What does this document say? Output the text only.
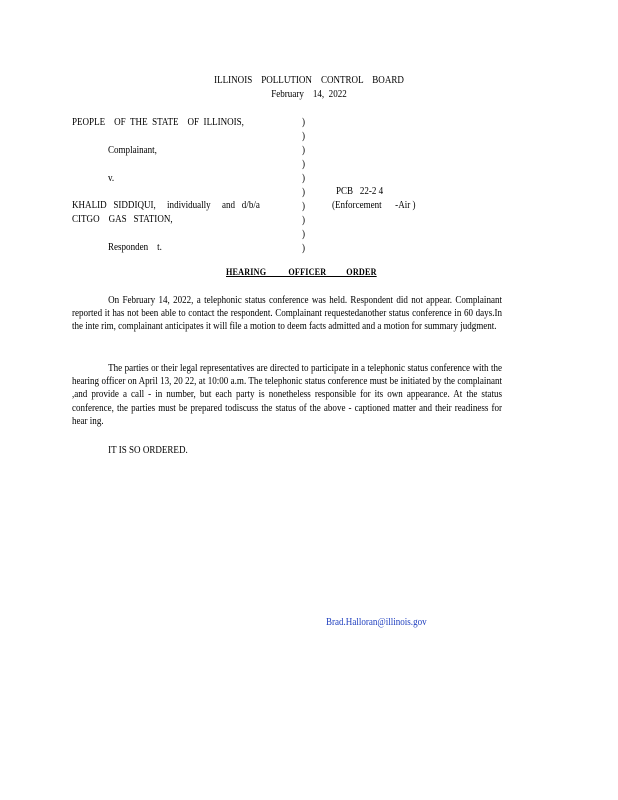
ILLINOIS    POLLUTION    CONTROL    BOARD
February    14,  2022
PEOPLE    OF  THE  STATE    OF  ILLINOIS,
Complainant,
v.
KHALID   SIDDIQUI,     individually     and   d/b/a
CITGO    GAS   STATION,
Responden    t.
)
)
)
)
)
)
)
)
)
)
PCB   22-2 4
(Enforcement      -Air )
HEARING          OFFICER         ORDER
On February 14, 2022, a telephonic status conference was held. Respondent did not appear. Complainant reported it has not been able to contact the respondent. Complainant requestedanother status conference in 60 days.In the inte rim, complainant anticipates it will file a motion to deem facts admitted and a motion for summary judgment.
The parties or their legal representatives are directed to participate in a telephonic status conference with the hearing officer on April 13, 20 22, at 10:00 a.m. The telephonic status conference must be initiated by the complainant ,and provide a call - in number, but each party is nonetheless responsible for its own appearance. At the status conference, the parties must be prepared todiscuss the status of the above - captioned matter and their readiness for hear ing.
IT IS SO ORDERED.
Brad.Halloran@illinois.gov
